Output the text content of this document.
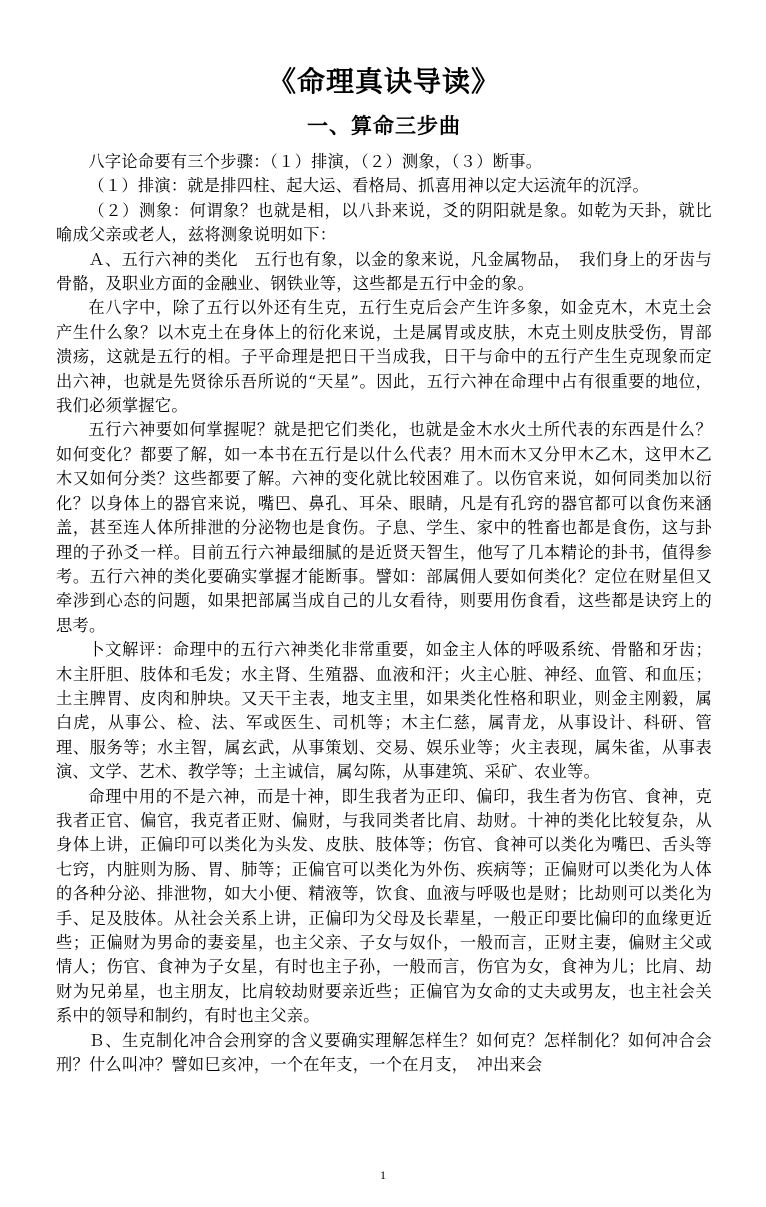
《命理真诀导读》
一、算命三步曲

八字论命要有三个步骤：（１）排演，（２）测象，（３）断事。

（１）排演：就是排四柱、起大运、看格局、抓喜用神以定大运流年的沉浮。

（２）测象：何谓象？也就是相，以八卦来说，爻的阴阳就是象。如乾为天卦，就比喻成父亲或老人，兹将测象说明如下：

Ａ、五行六神的类化　五行也有象，以金的象来说，凡金属物品，　我们身上的牙齿与骨骼，及职业方面的金融业、钢铁业等，这些都是五行中金的象。

在八字中，除了五行以外还有生克，五行生克后会产生许多象，如金克木，木克土会产生什么象？以木克土在身体上的衍化来说，土是属胃或皮肤，木克土则皮肤受伤，胃部溃疡，这就是五行的相。子平命理是把日干当成我，日干与命中的五行产生生克现象而定出六神，也就是先贤徐乐吾所说的“天星”。因此，五行六神在命理中占有很重要的地位，我们必须掌握它。

五行六神要如何掌握呢？就是把它们类化，也就是金木水火土所代表的东西是什么？如何变化？都要了解，如一本书在五行是以什么代表？用木而木又分甲木乙木，这甲木乙木又如何分类？这些都要了解。六神的变化就比较困难了。以伤官来说，如何同类加以衍化？以身体上的器官来说，嘴巴、鼻孔、耳朵、眼睛，凡是有孔窍的器官都可以食伤来涵盖，甚至连人体所排泄的分泌物也是食伤。子息、学生、家中的牲畜也都是食伤，这与卦理的子孙爻一样。目前五行六神最细腻的是近贤天智生，他写了几本精论的卦书，值得参考。五行六神的类化要确实掌握才能断事。譬如：部属佣人要如何类化？定位在财星但又牵涉到心态的问题，如果把部属当成自己的儿女看待，则要用伤食看，这些都是诀窍上的思考。

卜文解评：命理中的五行六神类化非常重要，如金主人体的呼吸系统、骨骼和牙齿；木主肝胆、肢体和毛发；水主肾、生殖器、血液和汗；火主心脏、神经、血管、和血压；土主脾胃、皮肉和肿块。又天干主表，地支主里，如果类化性格和职业，则金主刚毅，属白虎，从事公、检、法、军或医生、司机等；木主仁慈，属青龙，从事设计、科研、管理、服务等；水主智，属玄武，从事策划、交易、娱乐业等；火主表现，属朱雀，从事表演、文学、艺术、教学等；土主诚信，属勾陈，从事建筑、采矿、农业等。

命理中用的不是六神，而是十神，即生我者为正印、偏印，我生者为伤官、食神，克我者正官、偏官，我克者正财、偏财，与我同类者比肩、劫财。十神的类化比较复杂，从身体上讲，正偏印可以类化为头发、皮肤、肢体等；伤官、食神可以类化为嘴巴、舌头等七窍，内脏则为肠、胃、肺等；正偏官可以类化为外伤、疾病等；正偏财可以类化为人体的各种分泌、排泄物，如大小便、精液等，饮食、血液与呼吸也是财；比劫则可以类化为手、足及肢体。从社会关系上讲，正偏印为父母及长辈星，一般正印要比偏印的血缘更近些；正偏财为男命的妻妾星，也主父亲、子女与奴仆，一般而言，正财主妻，偏财主父或情人；伤官、食神为子女星，有时也主子孙，一般而言，伤官为女，食神为儿；比肩、劫财为兄弟星，也主朋友，比肩较劫财要亲近些；正偏官为女命的丈夫或男友，也主社会关系中的领导和制约，有时也主父亲。

Ｂ、生克制化冲合会刑穿的含义要确实理解怎样生？如何克？怎样制化？如何冲合会刑？什么叫冲？譬如巳亥冲，一个在年支，一个在月支，　冲出来会

1
